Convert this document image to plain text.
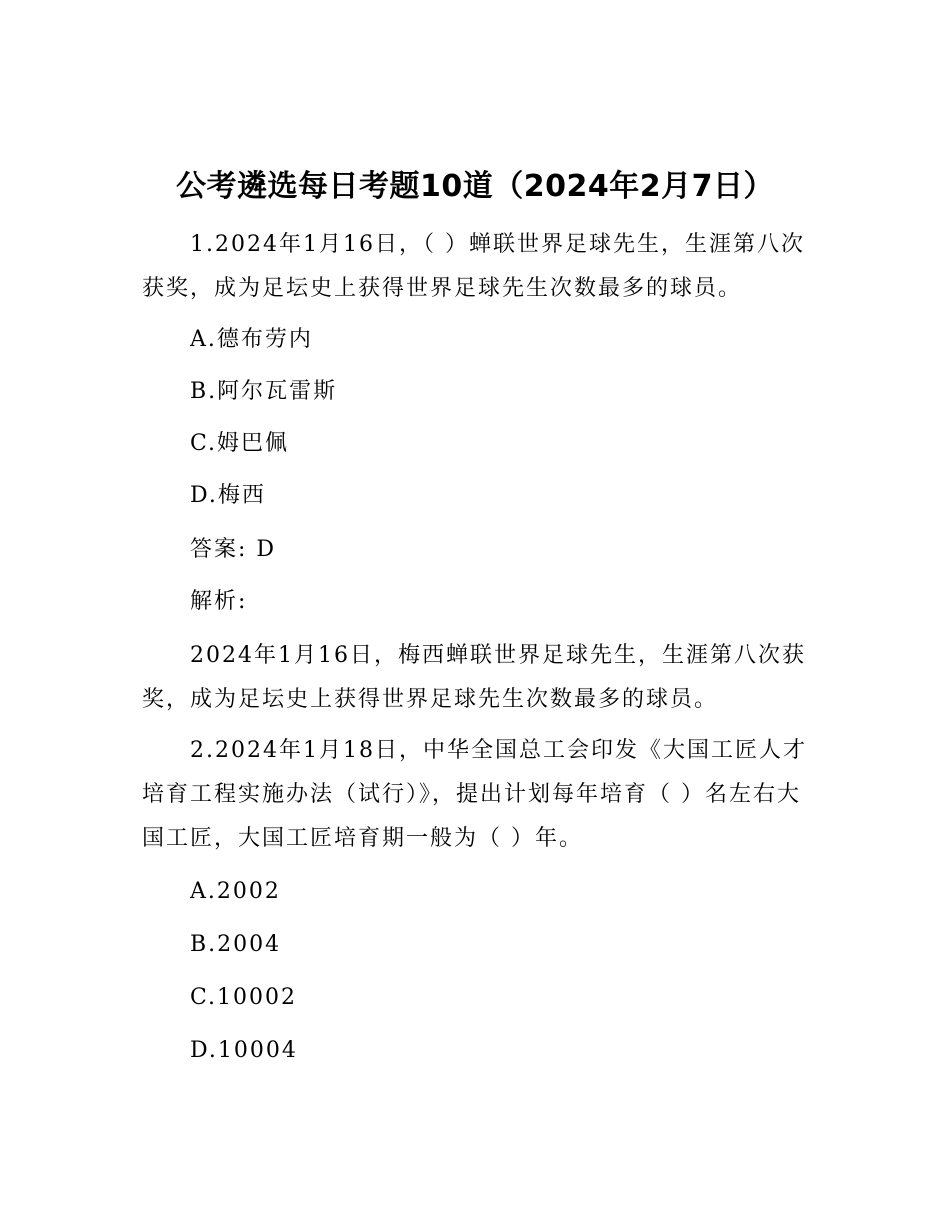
公考遴选每日考题10道（2024年2月7日）

1.2024年1月16日，（ ）蝉联世界足球先生，生涯第八次获奖，成为足坛史上获得世界足球先生次数最多的球员。

A.德布劳内
B.阿尔瓦雷斯
C.姆巴佩
D.梅西
答案: D
解析:

2024年1月16日，梅西蝉联世界足球先生，生涯第八次获奖，成为足坛史上获得世界足球先生次数最多的球员。

2.2024年1月18日，中华全国总工会印发《大国工匠人才培育工程实施办法（试行）》，提出计划每年培育（ ）名左右大国工匠，大国工匠培育期一般为（ ）年。

A.2002
B.2004
C.10002
D.10004
